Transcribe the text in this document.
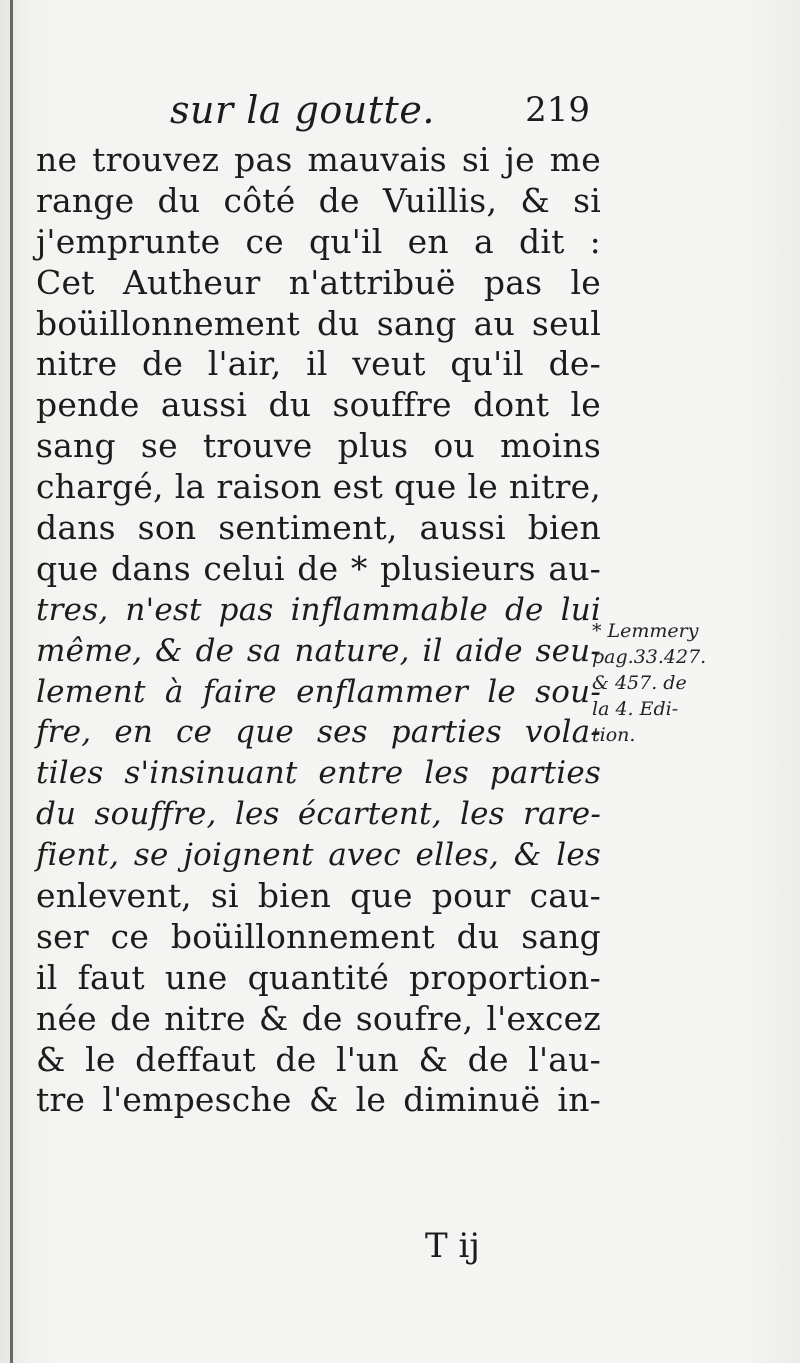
sur la goutte.	219
ne trouvez pas mauvais si je me
range du côté de Vuillis, & si
j'emprunte ce qu'il en a dit :
Cet Autheur n'attribuë pas le
boüillonnement du sang au seul
nitre de l'air, il veut qu'il de-
pende aussi du souffre dont le
sang se trouve plus ou moins
chargé, la raison est que le nitre,
dans son sentiment, aussi bien
que dans celui de * plusieurs au-
tres, n'est pas inflammable de lui
même, & de sa nature, il aide seu-
lement à faire enflammer le sou-
fre, en ce que ses parties vola-
tiles s'insinuant entre les parties
du souffre, les écartent, les rare-
fient, se joignent avec elles, & les
enlevent, si bien que pour cau-
ser ce boüillonnement du sang
il faut une quantité proportion-
née de nitre & de soufre, l'excez
& le deffaut de l'un & de l'au-
tre l'empesche & le diminuë in-
* Lemmery
pag.33.427.
& 457. de
la 4. Edi-
tion.
T ij
